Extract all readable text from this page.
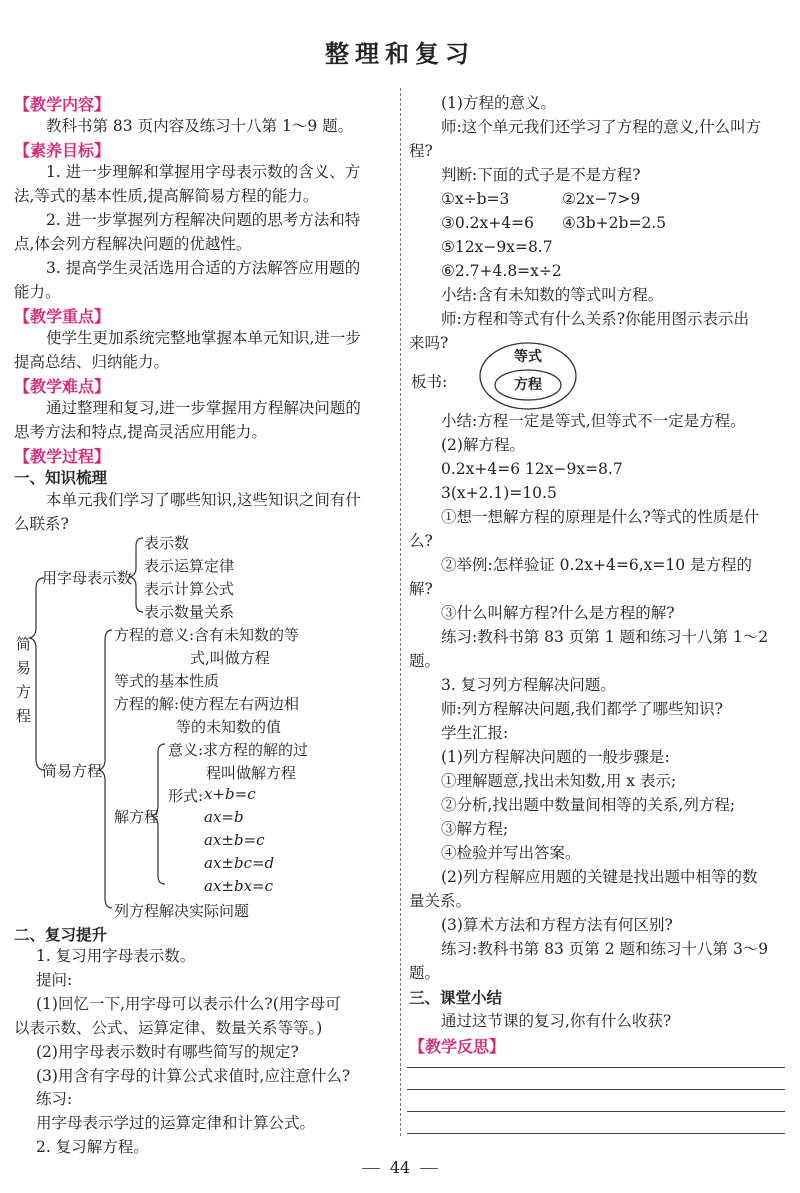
整理和复习
【教学内容】
教科书第 83 页内容及练习十八第 1～9 题。
【素养目标】
1. 进一步理解和掌握用字母表示数的含义、方
法,等式的基本性质,提高解简易方程的能力。
2. 进一步掌握列方程解决问题的思考方法和特
点,体会列方程解决问题的优越性。
3. 提高学生灵活选用合适的方法解答应用题的
能力。
【教学重点】
使学生更加系统完整地掌握本单元知识,进一步
提高总结、归纳能力。
【教学难点】
通过整理和复习,进一步掌握用方程解决问题的
思考方法和特点,提高灵活应用能力。
【教学过程】
一、知识梳理
本单元我们学习了哪些知识,这些知识之间有什
么联系?
简
易
方
程
用字母表示数
表示数
表示运算定律
表示计算公式
表示数量关系
简易方程
方程的意义:含有未知数的等
式,叫做方程
等式的基本性质
方程的解:使方程左右两边相
等的未知数的值
解方程
意义:求方程的解的过
程叫做解方程
形式: x+b=c
ax=b
ax±b=c
ax±bc=d
ax±bx=c
列方程解决实际问题
二、复习提升
1. 复习用字母表示数。
提问:
(1)回忆一下,用字母可以表示什么?(用字母可
以表示数、公式、运算定律、数量关系等等。)
(2)用字母表示数时有哪些简写的规定?
(3)用含有字母的计算公式求值时,应注意什么?
练习:
用字母表示学过的运算定律和计算公式。
2. 复习解方程。
(1)方程的意义。
师:这个单元我们还学习了方程的意义,什么叫方
程?
判断:下面的式子是不是方程?
①x÷b=3	②2x−7>9
③0.2x+4=6 ④3b+2b=2.5
⑤12x−9x=8.7
⑥2.7+4.8=x÷2
小结:含有未知数的等式叫方程。
师:方程和等式有什么关系?你能用图示表示出
来吗?
板书:
等式
方程
小结:方程一定是等式,但等式不一定是方程。
(2)解方程。
0.2x+4=6 12x−9x=8.7
3(x+2.1)=10.5
①想一想解方程的原理是什么?等式的性质是什
么?
②举例:怎样验证 0.2x+4=6,x=10 是方程的
解?
③什么叫解方程?什么是方程的解?
练习:教科书第 83 页第 1 题和练习十八第 1～2
题。
3. 复习列方程解决问题。
师:列方程解决问题,我们都学了哪些知识?
学生汇报:
(1)列方程解决问题的一般步骤是:
①理解题意,找出未知数,用 x 表示;
②分析,找出题中数量间相等的关系,列方程;
③解方程;
④检验并写出答案。
(2)列方程解应用题的关键是找出题中相等的数
量关系。
(3)算术方法和方程方法有何区别?
练习:教科书第 83 页第 2 题和练习十八第 3～9
题。
三、课堂小结
通过这节课的复习,你有什么收获?
【教学反思】
44
